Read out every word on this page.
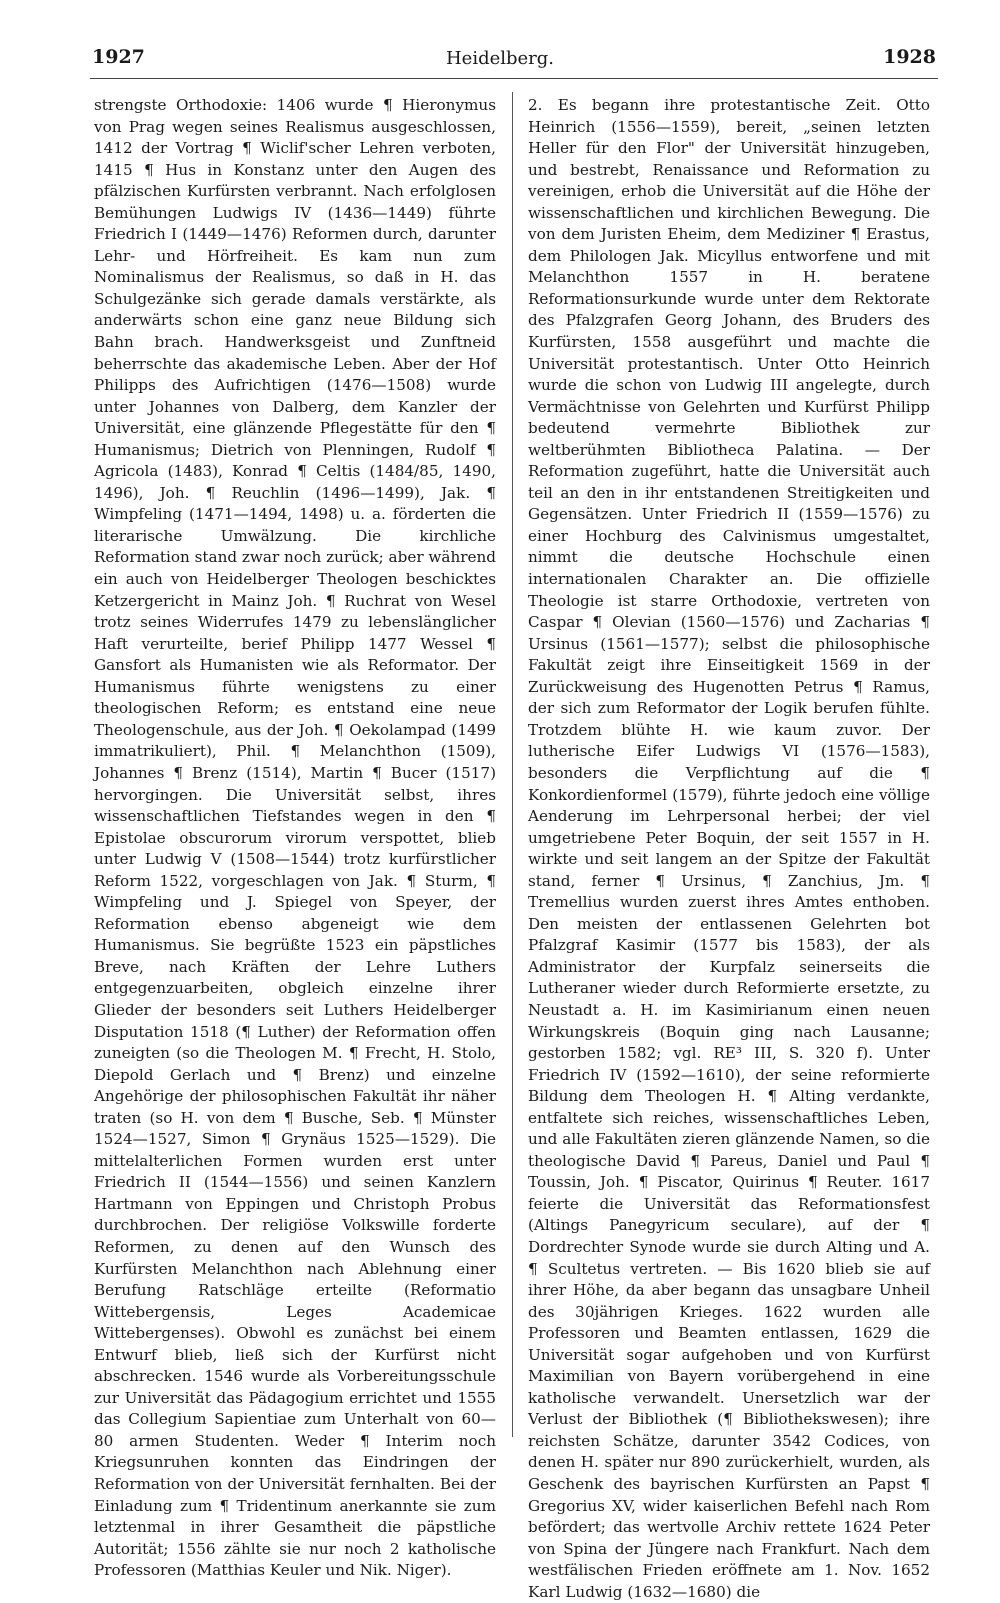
1927	Heidelberg.	1928

strengste Orthodoxie: 1406 wurde ¶ Hieronymus von Prag wegen seines Realismus ausgeschlossen, 1412 der Vortrag ¶ Wiclif'scher Lehren verboten, 1415 ¶ Hus in Konstanz unter den Augen des pfälzischen Kurfürsten verbrannt. Nach erfolglosen Bemühungen Ludwigs IV (1436—1449) führte Friedrich I (1449—1476) Reformen durch, darunter Lehr- und Hörfreiheit. Es kam nun zum Nominalismus der Realismus, so daß in H. das Schulgezänke sich gerade damals verstärkte, als anderwärts schon eine ganz neue Bildung sich Bahn brach. Handwerksgeist und Zunftneid beherrschte das akademische Leben. Aber der Hof Philipps des Aufrichtigen (1476—1508) wurde unter Johannes von Dalberg, dem Kanzler der Universität, eine glänzende Pflegestätte für den ¶ Humanismus; Dietrich von Plenningen, Rudolf ¶ Agricola (1483), Konrad ¶ Celtis (1484/85, 1490, 1496), Joh. ¶ Reuchlin (1496—1499), Jak. ¶ Wimpfeling (1471—1494, 1498) u. a. förderten die literarische Umwälzung. Die kirchliche Reformation stand zwar noch zurück; aber während ein auch von Heidelberger Theologen beschicktes Ketzergericht in Mainz Joh. ¶ Ruchrat von Wesel trotz seines Widerrufes 1479 zu lebenslänglicher Haft verurteilte, berief Philipp 1477 Wessel ¶ Gansfort als Humanisten wie als Reformator. Der Humanismus führte wenigstens zu einer theologischen Reform; es entstand eine neue Theologenschule, aus der Joh. ¶ Oekolampad (1499 immatrikuliert), Phil. ¶ Melanchthon (1509), Johannes ¶ Brenz (1514), Martin ¶ Bucer (1517) hervorgingen. Die Universität selbst, ihres wissenschaftlichen Tiefstandes wegen in den ¶ Epistolae obscurorum virorum verspottet, blieb unter Ludwig V (1508—1544) trotz kurfürstlicher Reform 1522, vorgeschlagen von Jak. ¶ Sturm, ¶ Wimpfeling und J. Spiegel von Speyer, der Reformation ebenso abgeneigt wie dem Humanismus. Sie begrüßte 1523 ein päpstliches Breve, nach Kräften der Lehre Luthers entgegenzuarbeiten, obgleich einzelne ihrer Glieder der besonders seit Luthers Heidelberger Disputation 1518 (¶ Luther) der Reformation offen zuneigten (so die Theologen M. ¶ Frecht, H. Stolo, Diepold Gerlach und ¶ Brenz) und einzelne Angehörige der philosophischen Fakultät ihr näher traten (so H. von dem ¶ Busche, Seb. ¶ Münster 1524—1527, Simon ¶ Grynäus 1525—1529). Die mittelalterlichen Formen wurden erst unter Friedrich II (1544—1556) und seinen Kanzlern Hartmann von Eppingen und Christoph Probus durchbrochen. Der religiöse Volkswille forderte Reformen, zu denen auf den Wunsch des Kurfürsten Melanchthon nach Ablehnung einer Berufung Ratschläge erteilte (Reformatio Wittebergensis, Leges Academicae Wittebergenses). Obwohl es zunächst bei einem Entwurf blieb, ließ sich der Kurfürst nicht abschrecken. 1546 wurde als Vorbereitungsschule zur Universität das Pädagogium errichtet und 1555 das Collegium Sapientiae zum Unterhalt von 60—80 armen Studenten. Weder ¶ Interim noch Kriegsunruhen konnten das Eindringen der Reformation von der Universität fernhalten. Bei der Einladung zum ¶ Tridentinum anerkannte sie zum letztenmal in ihrer Gesamtheit die päpstliche Autorität; 1556 zählte sie nur noch 2 katholische Professoren (Matthias Keuler und Nik. Niger).

2. Es begann ihre protestantische Zeit. Otto Heinrich (1556—1559), bereit, „seinen letzten Heller für den Flor" der Universität hinzugeben, und bestrebt, Renaissance und Reformation zu vereinigen, erhob die Universität auf die Höhe der wissenschaftlichen und kirchlichen Bewegung. Die von dem Juristen Eheim, dem Mediziner ¶ Erastus, dem Philologen Jak. Micyllus entworfene und mit Melanchthon 1557 in H. beratene Reformationsurkunde wurde unter dem Rektorate des Pfalzgrafen Georg Johann, des Bruders des Kurfürsten, 1558 ausgeführt und machte die Universität protestantisch. Unter Otto Heinrich wurde die schon von Ludwig III angelegte, durch Vermächtnisse von Gelehrten und Kurfürst Philipp bedeutend vermehrte Bibliothek zur weltberühmten Bibliotheca Palatina. — Der Reformation zugeführt, hatte die Universität auch teil an den in ihr entstandenen Streitigkeiten und Gegensätzen. Unter Friedrich II (1559—1576) zu einer Hochburg des Calvinismus umgestaltet, nimmt die deutsche Hochschule einen internationalen Charakter an. Die offizielle Theologie ist starre Orthodoxie, vertreten von Caspar ¶ Olevian (1560—1576) und Zacharias ¶ Ursinus (1561—1577); selbst die philosophische Fakultät zeigt ihre Einseitigkeit 1569 in der Zurückweisung des Hugenotten Petrus ¶ Ramus, der sich zum Reformator der Logik berufen fühlte. Trotzdem blühte H. wie kaum zuvor. Der lutherische Eifer Ludwigs VI (1576—1583), besonders die Verpflichtung auf die ¶ Konkordienformel (1579), führte jedoch eine völlige Aenderung im Lehrpersonal herbei; der viel umgetriebene Peter Boquin, der seit 1557 in H. wirkte und seit langem an der Spitze der Fakultät stand, ferner ¶ Ursinus, ¶ Zanchius, Jm. ¶ Tremellius wurden zuerst ihres Amtes enthoben. Den meisten der entlassenen Gelehrten bot Pfalzgraf Kasimir (1577 bis 1583), der als Administrator der Kurpfalz seinerseits die Lutheraner wieder durch Reformierte ersetzte, zu Neustadt a. H. im Kasimirianum einen neuen Wirkungskreis (Boquin ging nach Lausanne; gestorben 1582; vgl. RE³ III, S. 320 f). Unter Friedrich IV (1592—1610), der seine reformierte Bildung dem Theologen H. ¶ Alting verdankte, entfaltete sich reiches, wissenschaftliches Leben, und alle Fakultäten zieren glänzende Namen, so die theologische David ¶ Pareus, Daniel und Paul ¶ Toussin, Joh. ¶ Piscator, Quirinus ¶ Reuter. 1617 feierte die Universität das Reformationsfest (Altings Panegyricum seculare), auf der ¶ Dordrechter Synode wurde sie durch Alting und A. ¶ Scultetus vertreten. — Bis 1620 blieb sie auf ihrer Höhe, da aber begann das unsagbare Unheil des 30jährigen Krieges. 1622 wurden alle Professoren und Beamten entlassen, 1629 die Universität sogar aufgehoben und von Kurfürst Maximilian von Bayern vorübergehend in eine katholische verwandelt. Unersetzlich war der Verlust der Bibliothek (¶ Bibliothekswesen); ihre reichsten Schätze, darunter 3542 Codices, von denen H. später nur 890 zurückerhielt, wurden, als Geschenk des bayrischen Kurfürsten an Papst ¶ Gregorius XV, wider kaiserlichen Befehl nach Rom befördert; das wertvolle Archiv rettete 1624 Peter von Spina der Jüngere nach Frankfurt. Nach dem westfälischen Frieden eröffnete am 1. Nov. 1652 Karl Ludwig (1632—1680) die
